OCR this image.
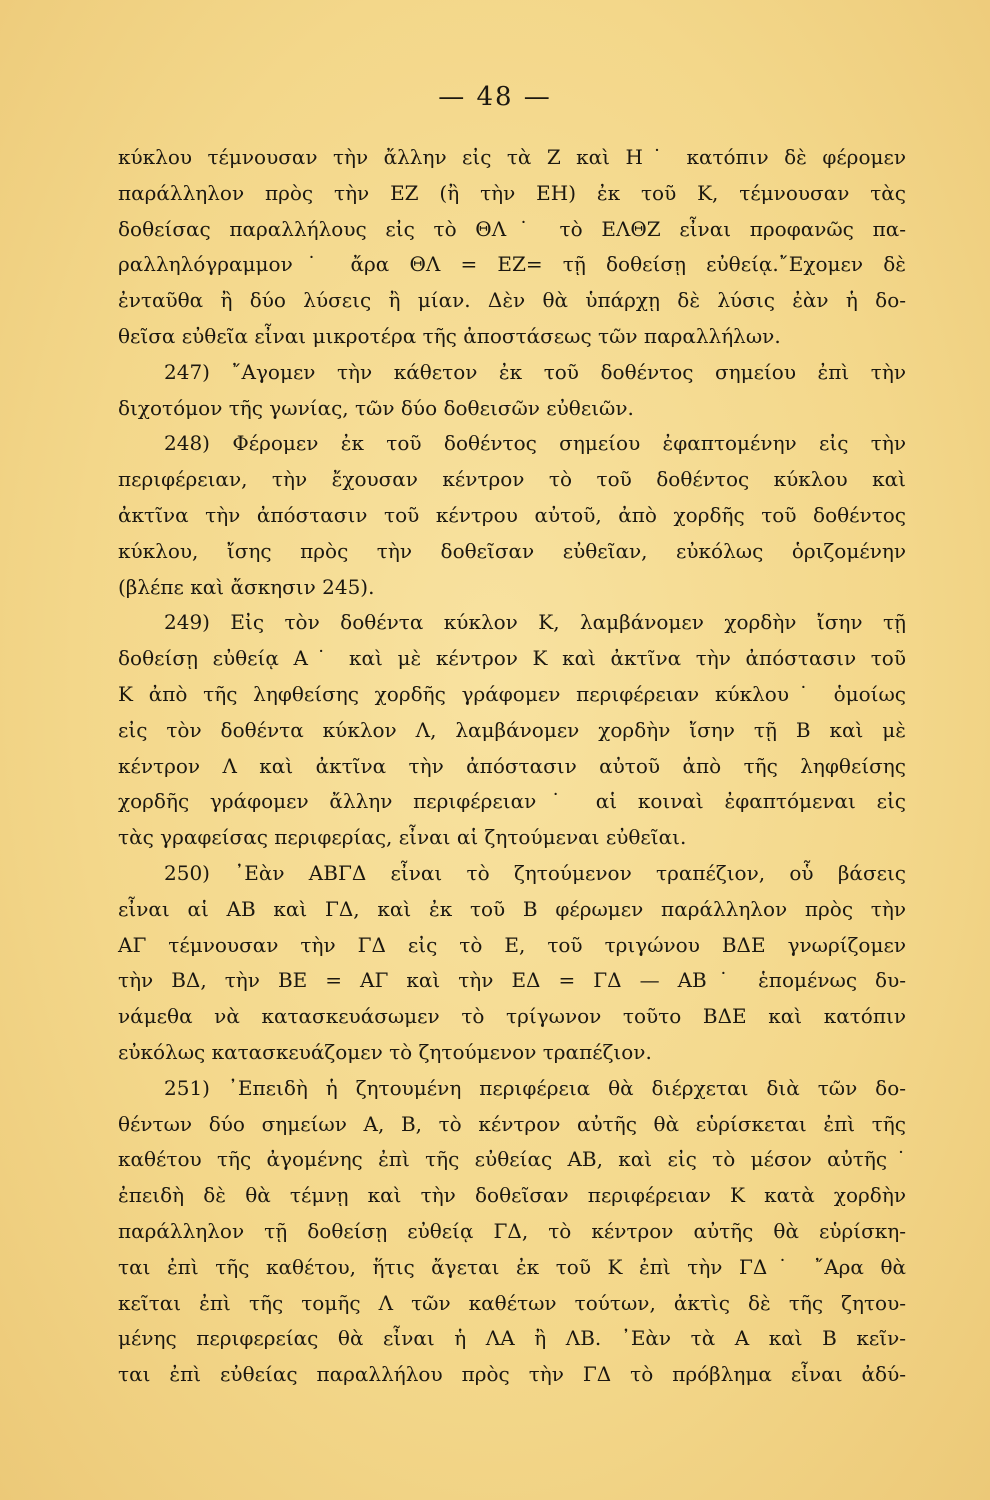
— 48 —

κύκλου τέμνουσαν τὴν ἄλλην εἰς τὰ Ζ καὶ Η˙ κατόπιν δὲ φέρομεν
παράλληλον πρὸς τὴν ΕΖ (ἢ τὴν ΕΗ) ἐκ τοῦ Κ, τέμνουσαν τὰς
δοθείσας παραλλήλους εἰς τὸ ΘΛ˙ τὸ ΕΛΘΖ εἶναι προφανῶς πα-
ραλληλόγραμμον˙ ἄρα ΘΛ = ΕΖ= τῇ δοθείσῃ εὐθείᾳ.῎Εχομεν δὲ
ἐνταῦθα ἢ δύο λύσεις ἢ μίαν. Δὲν θὰ ὑπάρχῃ δὲ λύσις ἐὰν ἡ δο-
θεῖσα εὐθεῖα εἶναι μικροτέρα τῆς ἀποστάσεως τῶν παραλλήλων.

247) ῎Αγομεν τὴν κάθετον ἐκ τοῦ δοθέντος σημείου ἐπὶ τὴν
διχοτόμον τῆς γωνίας, τῶν δύο δοθεισῶν εὐθειῶν.

248) Φέρομεν ἐκ τοῦ δοθέντος σημείου ἐφαπτομένην εἰς τὴν
περιφέρειαν, τὴν ἔχουσαν κέντρον τὸ τοῦ δοθέντος κύκλου καὶ
ἀκτῖνα τὴν ἀπόστασιν τοῦ κέντρου αὐτοῦ, ἀπὸ χορδῆς τοῦ δοθέντος
κύκλου, ἴσης πρὸς τὴν δοθεῖσαν εὐθεῖαν, εὐκόλως ὁριζομένην
(βλέπε καὶ ἄσκησιν 245).

249) Εἰς τὸν δοθέντα κύκλον Κ, λαμβάνομεν χορδὴν ἴσην τῇ
δοθείσῃ εὐθείᾳ Α˙ καὶ μὲ κέντρον Κ καὶ ἀκτῖνα τὴν ἀπόστασιν τοῦ
Κ ἀπὸ τῆς ληφθείσης χορδῆς γράφομεν περιφέρειαν κύκλου˙ ὁμοίως
εἰς τὸν δοθέντα κύκλον Λ, λαμβάνομεν χορδὴν ἴσην τῇ Β καὶ μὲ
κέντρον Λ καὶ ἀκτῖνα τὴν ἀπόστασιν αὐτοῦ ἀπὸ τῆς ληφθείσης
χορδῆς γράφομεν ἄλλην περιφέρειαν˙ αἱ κοιναὶ ἐφαπτόμεναι εἰς
τὰς γραφείσας περιφερίας, εἶναι αἱ ζητούμεναι εὐθεῖαι.

250) ᾿Εὰν ΑΒΓΔ εἶναι τὸ ζητούμενον τραπέζιον, οὗ βάσεις
εἶναι αἱ ΑΒ καὶ ΓΔ, καὶ ἐκ τοῦ Β φέρωμεν παράλληλον πρὸς τὴν
ΑΓ τέμνουσαν τὴν ΓΔ εἰς τὸ Ε, τοῦ τριγώνου ΒΔΕ γνωρίζομεν
τὴν ΒΔ, τὴν ΒΕ = ΑΓ καὶ τὴν ΕΔ = ΓΔ — ΑΒ˙ ἑπομένως δυ-
νάμεθα νὰ κατασκευάσωμεν τὸ τρίγωνον τοῦτο ΒΔΕ καὶ κατόπιν
εὐκόλως κατασκευάζομεν τὸ ζητούμενον τραπέζιον.

251) ᾿Επειδὴ ἡ ζητουμένη περιφέρεια θὰ διέρχεται διὰ τῶν δο-
θέντων δύο σημείων Α, Β, τὸ κέντρον αὐτῆς θὰ εὑρίσκεται ἐπὶ τῆς
καθέτου τῆς ἀγομένης ἐπὶ τῆς εὐθείας ΑΒ, καὶ εἰς τὸ μέσον αὐτῆς˙
ἐπειδὴ δὲ θὰ τέμνῃ καὶ τὴν δοθεῖσαν περιφέρειαν Κ κατὰ χορδὴν
παράλληλον τῇ δοθείσῃ εὐθείᾳ ΓΔ, τὸ κέντρον αὐτῆς θὰ εὑρίσκη-
ται ἐπὶ τῆς καθέτου, ἥτις ἄγεται ἐκ τοῦ Κ ἐπὶ τὴν ΓΔ˙ ῎Αρα θὰ
κεῖται ἐπὶ τῆς τομῆς Λ τῶν καθέτων τούτων, ἀκτὶς δὲ τῆς ζητου-
μένης περιφερείας θὰ εἶναι ἡ ΛΑ ἢ ΛΒ. ᾿Εὰν τὰ Α καὶ Β κεῖν-
ται ἐπὶ εὐθείας παραλλήλου πρὸς τὴν ΓΔ τὸ πρόβλημα εἶναι ἀδύ-
